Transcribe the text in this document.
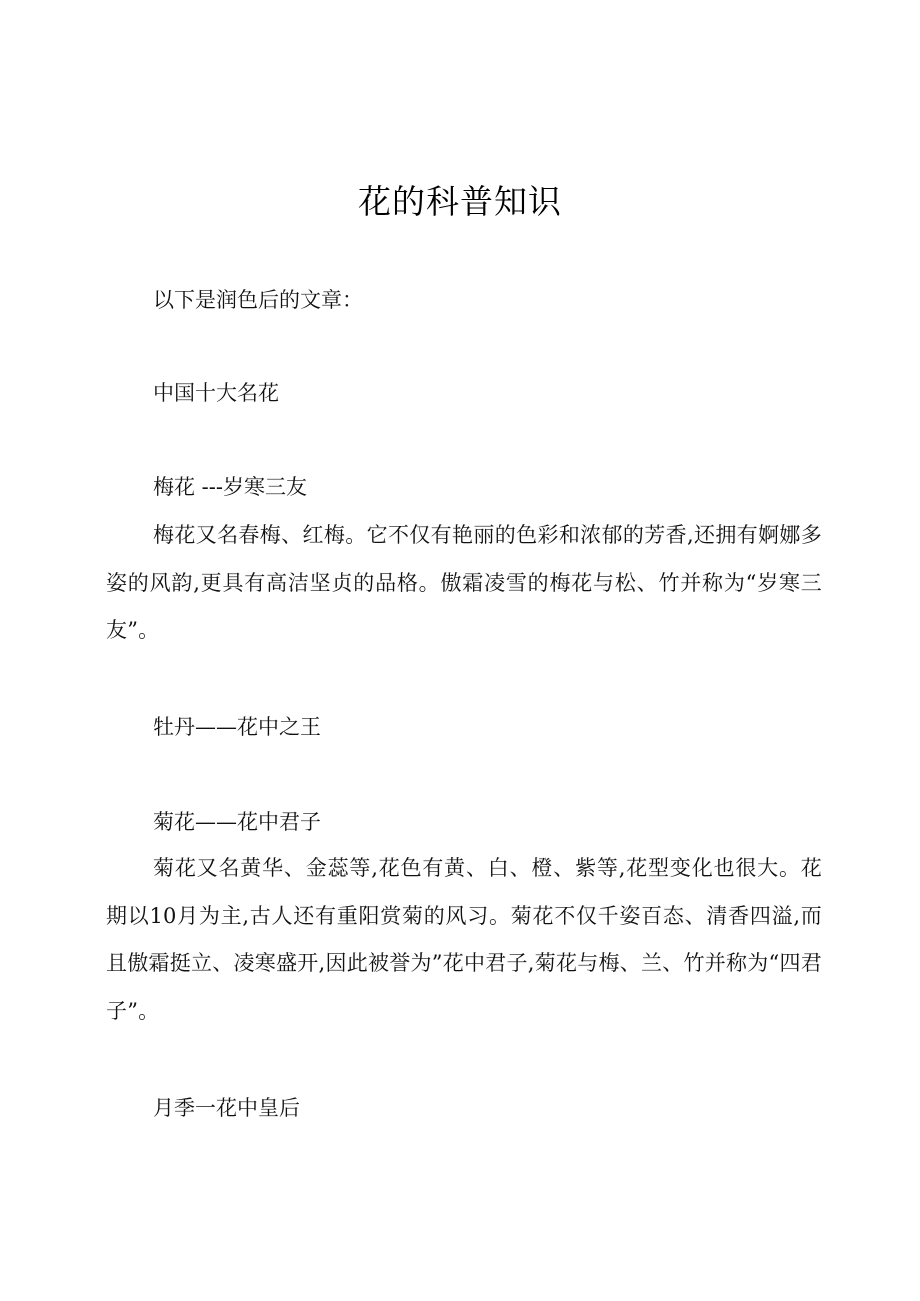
花的科普知识

以下是润色后的文章：

中国十大名花

梅花 ---岁寒三友

梅花又名春梅、红梅。它不仅有艳丽的色彩和浓郁的芳香,还拥有婀娜多姿的风韵,更具有高洁坚贞的品格。傲霜凌雪的梅花与松、竹并称为“岁寒三友”。

牡丹——花中之王

菊花——花中君子

菊花又名黄华、金蕊等,花色有黄、白、橙、紫等,花型变化也很大。花期以10月为主,古人还有重阳赏菊的风习。菊花不仅千姿百态、清香四溢,而且傲霜挺立、凌寒盛开,因此被誉为”花中君子,菊花与梅、兰、竹并称为“四君子”。

月季一花中皇后
